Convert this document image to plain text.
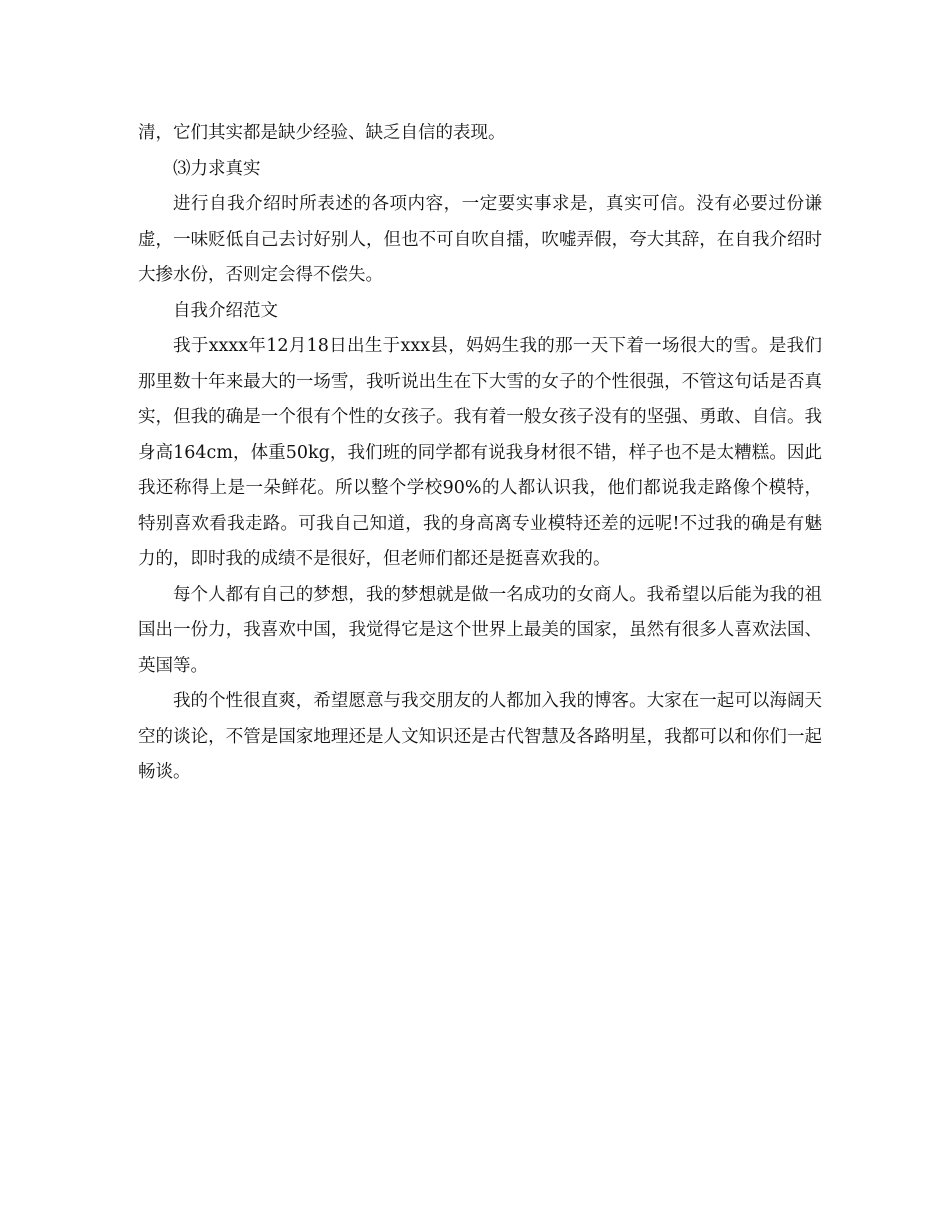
清，它们其实都是缺少经验、缺乏自信的表现。

⑶力求真实

进行自我介绍时所表述的各项内容，一定要实事求是，真实可信。没有必要过份谦虚，一味贬低自己去讨好别人，但也不可自吹自擂，吹嘘弄假，夸大其辞，在自我介绍时大掺水份，否则定会得不偿失。

自我介绍范文

我于xxxx年12月18日出生于xxx县，妈妈生我的那一天下着一场很大的雪。是我们那里数十年来最大的一场雪，我听说出生在下大雪的女子的个性很强，不管这句话是否真实，但我的确是一个很有个性的女孩子。我有着一般女孩子没有的坚强、勇敢、自信。我身高164cm，体重50kg，我们班的同学都有说我身材很不错，样子也不是太糟糕。因此我还称得上是一朵鲜花。所以整个学校90%的人都认识我，他们都说我走路像个模特，特别喜欢看我走路。可我自己知道，我的身高离专业模特还差的远呢!不过我的确是有魅力的，即时我的成绩不是很好，但老师们都还是挺喜欢我的。

每个人都有自己的梦想，我的梦想就是做一名成功的女商人。我希望以后能为我的祖国出一份力，我喜欢中国，我觉得它是这个世界上最美的国家，虽然有很多人喜欢法国、英国等。

我的个性很直爽，希望愿意与我交朋友的人都加入我的博客。大家在一起可以海阔天空的谈论，不管是国家地理还是人文知识还是古代智慧及各路明星，我都可以和你们一起畅谈。
